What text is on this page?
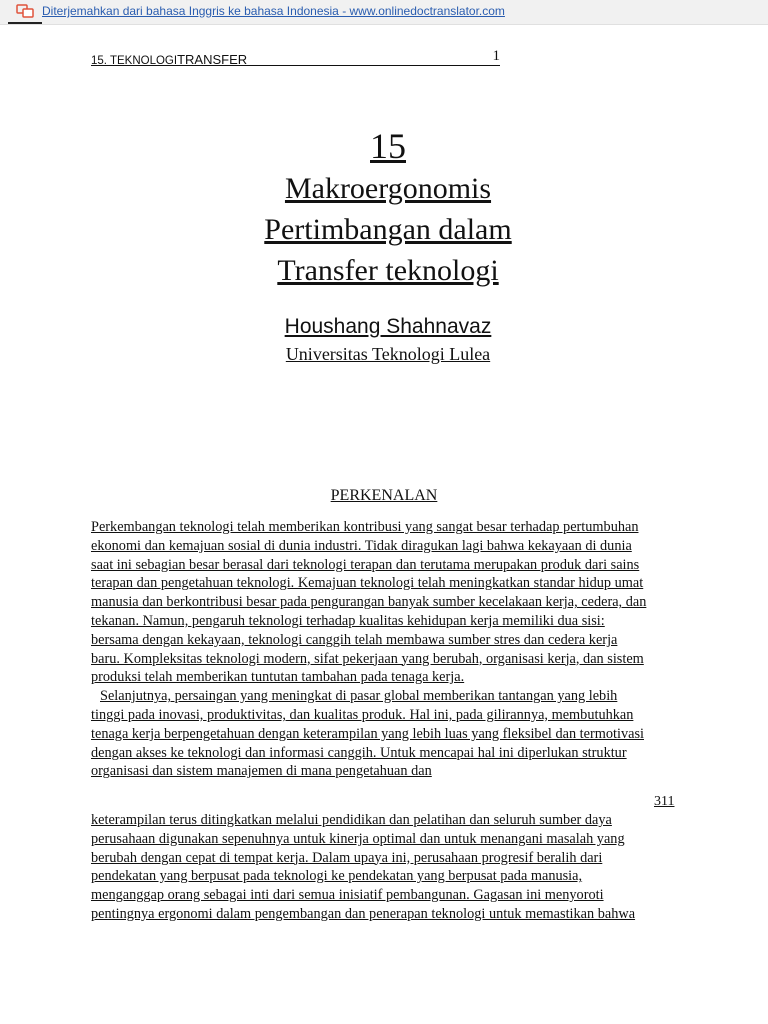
Diterjemahkan dari bahasa Inggris ke bahasa Indonesia - www.onlinedoctranslator.com
15. TEKNOLOGITRANSFER	1
15
Makroergonomis
Pertimbangan dalam
Transfer teknologi
Houshang Shahnavaz
Universitas Teknologi Lulea
PERKENALAN
Perkembangan teknologi telah memberikan kontribusi yang sangat besar terhadap pertumbuhan
ekonomi dan kemajuan sosial di dunia industri. Tidak diragukan lagi bahwa kekayaan di dunia
saat ini sebagian besar berasal dari teknologi terapan dan terutama merupakan produk dari sains
terapan dan pengetahuan teknologi. Kemajuan teknologi telah meningkatkan standar hidup umat
manusia dan berkontribusi besar pada pengurangan banyak sumber kecelakaan kerja, cedera, dan
tekanan. Namun, pengaruh teknologi terhadap kualitas kehidupan kerja memiliki dua sisi:
bersama dengan kekayaan, teknologi canggih telah membawa sumber stres dan cedera kerja
baru. Kompleksitas teknologi modern, sifat pekerjaan yang berubah, organisasi kerja, dan sistem
produksi telah memberikan tuntutan tambahan pada tenaga kerja.
Selanjutnya, persaingan yang meningkat di pasar global memberikan tantangan yang lebih
tinggi pada inovasi, produktivitas, dan kualitas produk. Hal ini, pada gilirannya, membutuhkan
tenaga kerja berpengetahuan dengan keterampilan yang lebih luas yang fleksibel dan termotivasi
dengan akses ke teknologi dan informasi canggih. Untuk mencapai hal ini diperlukan struktur
organisasi dan sistem manajemen di mana pengetahuan dan
311
keterampilan terus ditingkatkan melalui pendidikan dan pelatihan dan seluruh sumber daya
perusahaan digunakan sepenuhnya untuk kinerja optimal dan untuk menangani masalah yang
berubah dengan cepat di tempat kerja. Dalam upaya ini, perusahaan progresif beralih dari
pendekatan yang berpusat pada teknologi ke pendekatan yang berpusat pada manusia,
menganggap orang sebagai inti dari semua inisiatif pembangunan. Gagasan ini menyoroti
pentingnya ergonomi dalam pengembangan dan penerapan teknologi untuk memastikan bahwa
